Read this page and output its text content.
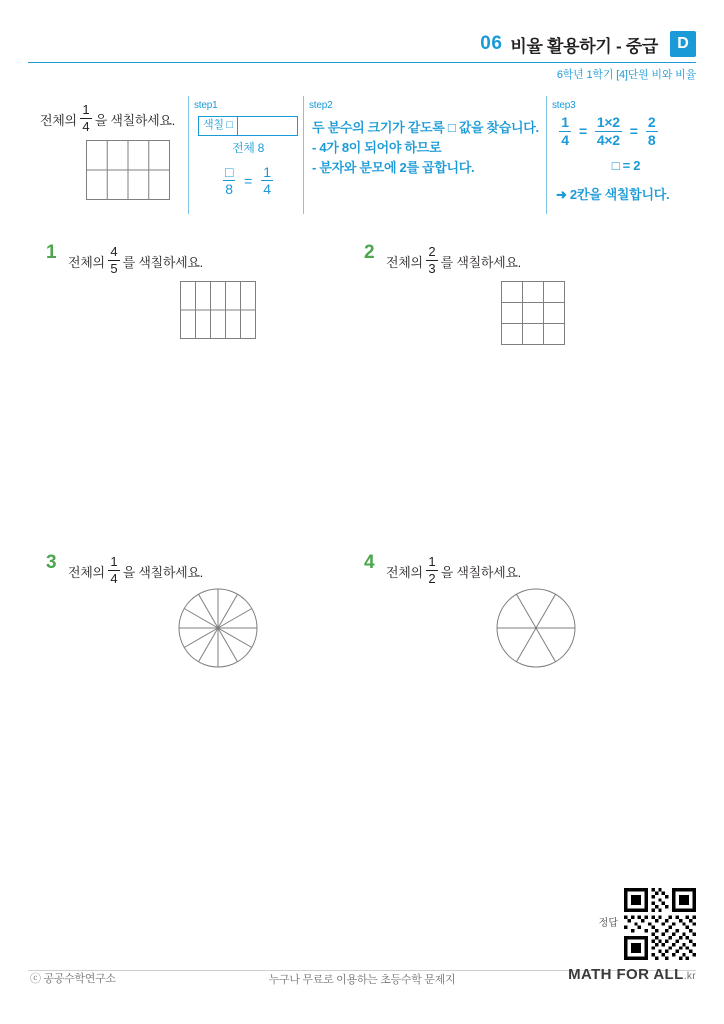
06 비율 활용하기 - 중급	D
6학년 1학기 [4]단원 비와 비율
전체의 $\frac{1}{4}$ 을 색칠하세요.
step1
색칠 □
전체 8
$\frac{□}{8} = \frac{1}{4}$
step2
두 분수의 크기가 같도록 □ 값을 찾습니다.
- 4가 8이 되어야 하므로
- 분자와 분모에 2를 곱합니다.
step3
$\frac{1}{4} = \frac{1\times 2}{4\times 2} = \frac{2}{8}$
□ = 2
➜ 2칸을 색칠합니다.
1 전체의 $\frac{4}{5}$ 를 색칠하세요.	2 전체의 $\frac{2}{3}$ 를 색칠하세요.
3 전체의 $\frac{1}{4}$ 을 색칠하세요.	4 전체의 $\frac{1}{2}$ 을 색칠하세요.
정답
ⓒ 공공수학연구소	누구나 무료로 이용하는 초등수학 문제지	MATH FOR ALL.kr
